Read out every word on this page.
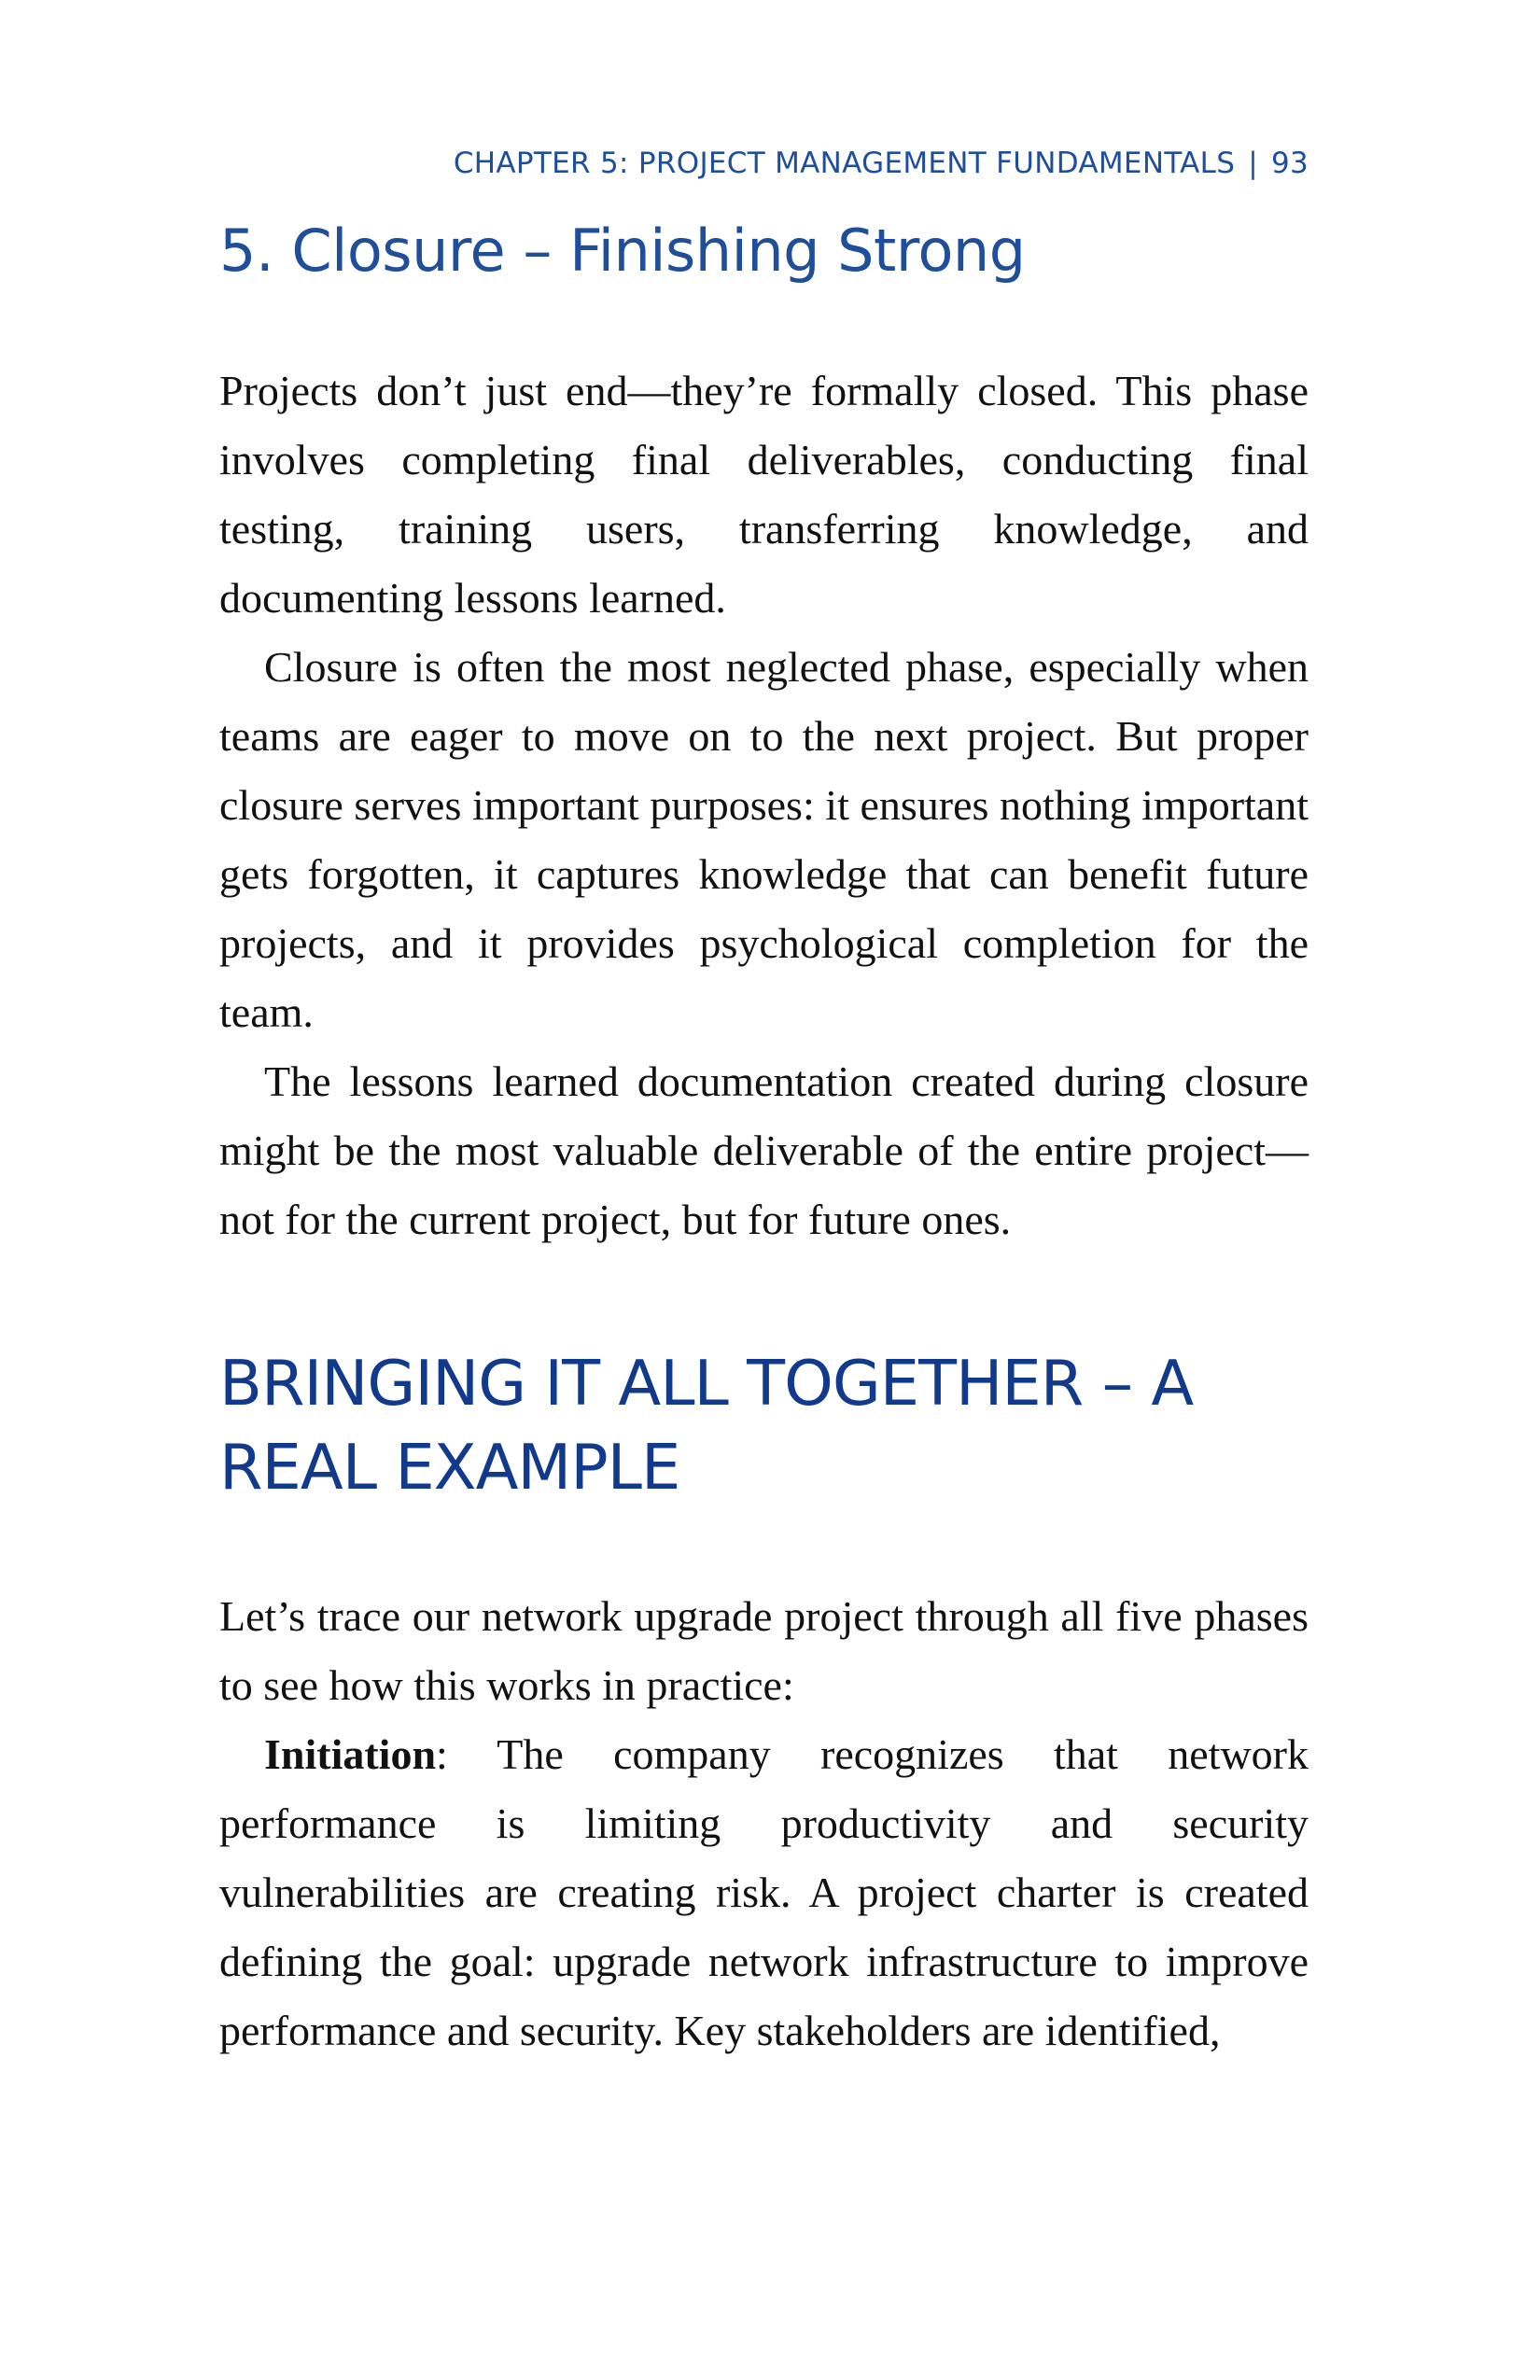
CHAPTER 5: PROJECT MANAGEMENT FUNDAMENTALS | 93
5. Closure – Finishing Strong

Projects don’t just end—they’re formally closed. This phase involves completing final deliverables, conducting final testing, training users, transferring knowledge, and documenting lessons learned.

Closure is often the most neglected phase, especially when teams are eager to move on to the next project. But proper closure serves important purposes: it ensures nothing important gets forgotten, it captures knowledge that can benefit future projects, and it provides psychological completion for the team.

The lessons learned documentation created during closure might be the most valuable deliverable of the entire project—not for the current project, but for future ones.

BRINGING IT ALL TOGETHER – A REAL EXAMPLE

Let’s trace our network upgrade project through all five phases to see how this works in practice:

Initiation: The company recognizes that network performance is limiting productivity and security vulnerabilities are creating risk. A project charter is created defining the goal: upgrade network infrastructure to improve performance and security. Key stakeholders are identified,
